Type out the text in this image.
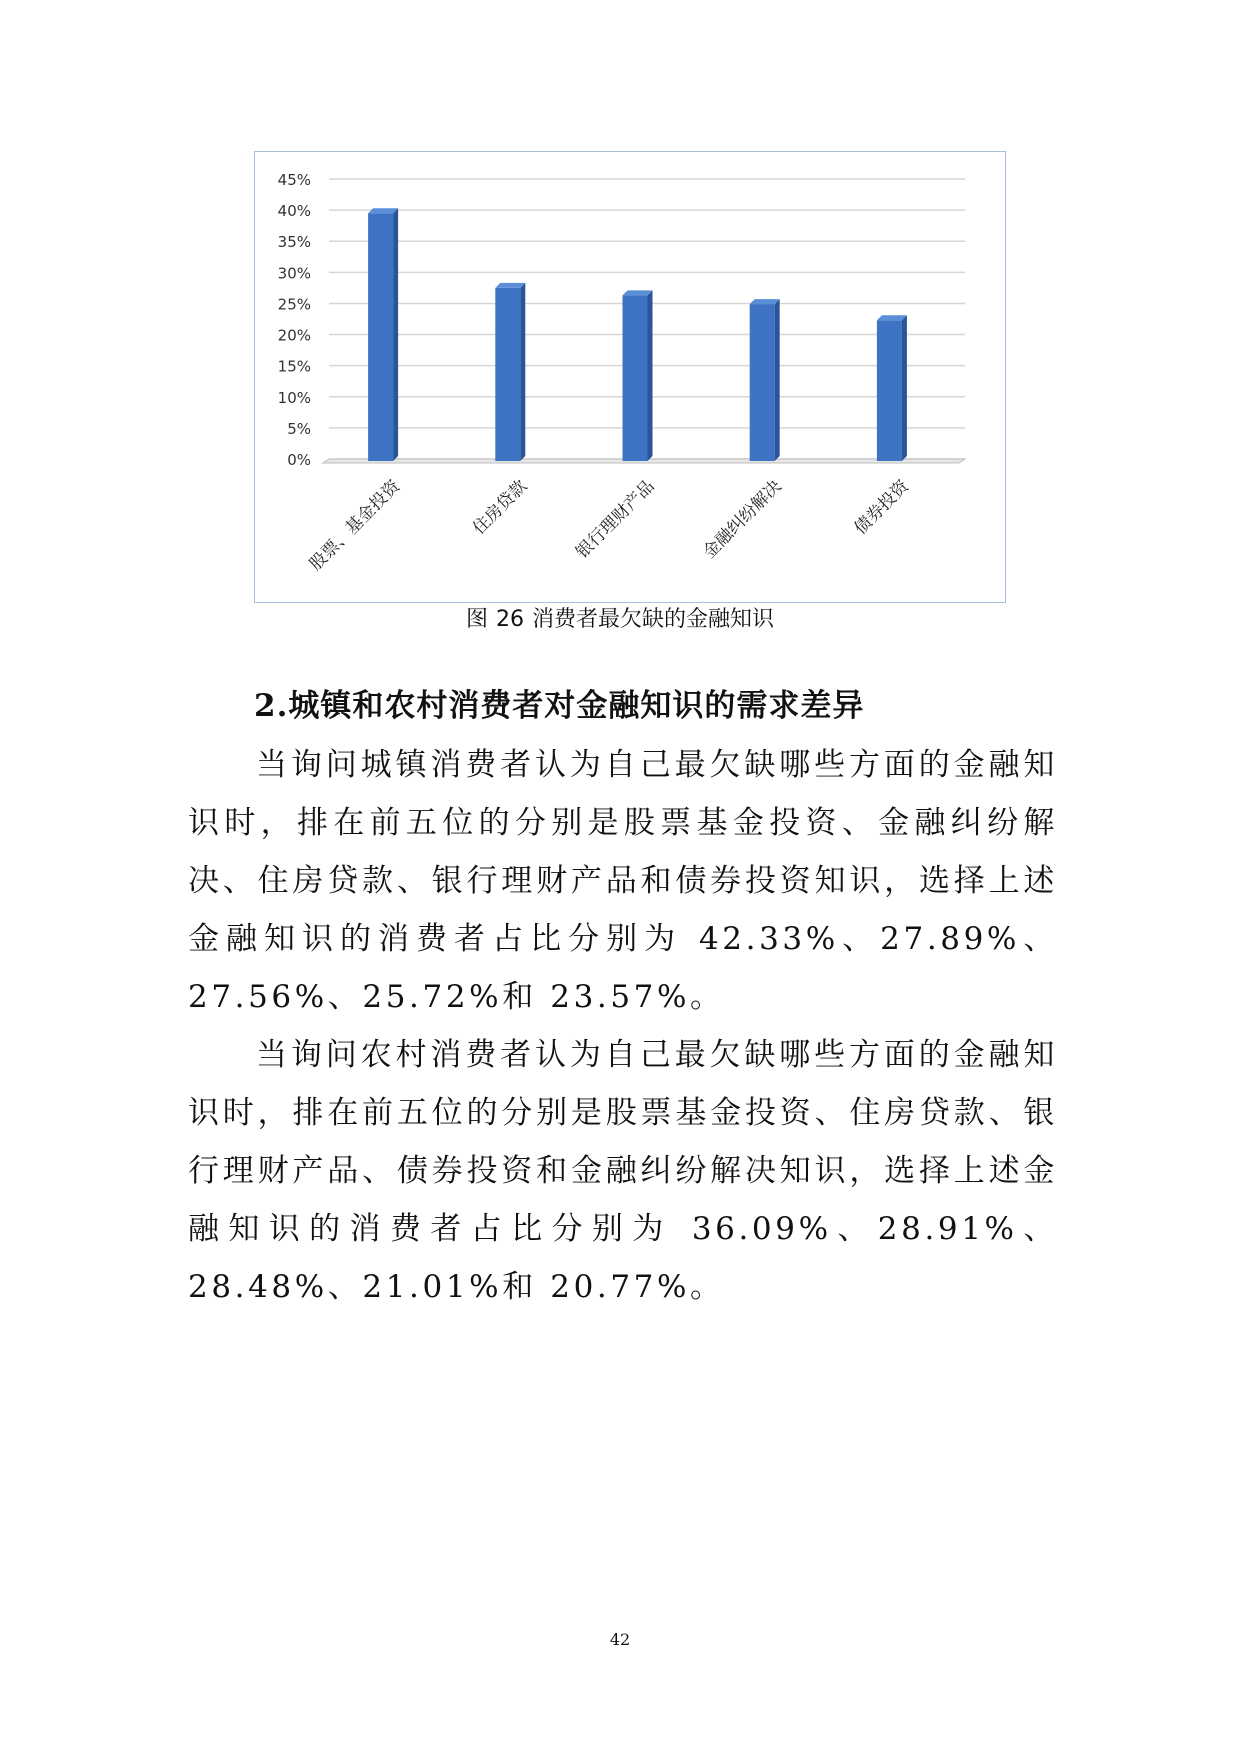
0%
5%
10%
15%
20%
25%
30%
35%
40%
45%
股票、基金投资	住房贷款 银行理财产品 金融纠纷解决	债券投资
图 26 消费者最欠缺的金融知识
2.城镇和农村消费者对金融知识的需求差异
当询问城镇消费者认为自己最欠缺哪些方面的金融知识时，排在前五位的分别是股票基金投资、金融纠纷解决、住房贷款、银行理财产品和债券投资知识，选择上述金融知识的消费者占比分别为 42.33%、27.89%、27.56%、25.72%和 23.57%。
当询问农村消费者认为自己最欠缺哪些方面的金融知识时，排在前五位的分别是股票基金投资、住房贷款、银行理财产品、债券投资和金融纠纷解决知识，选择上述金融知识的消费者占比分别为 36.09%、28.91%、28.48%、21.01%和 20.77%。
42
